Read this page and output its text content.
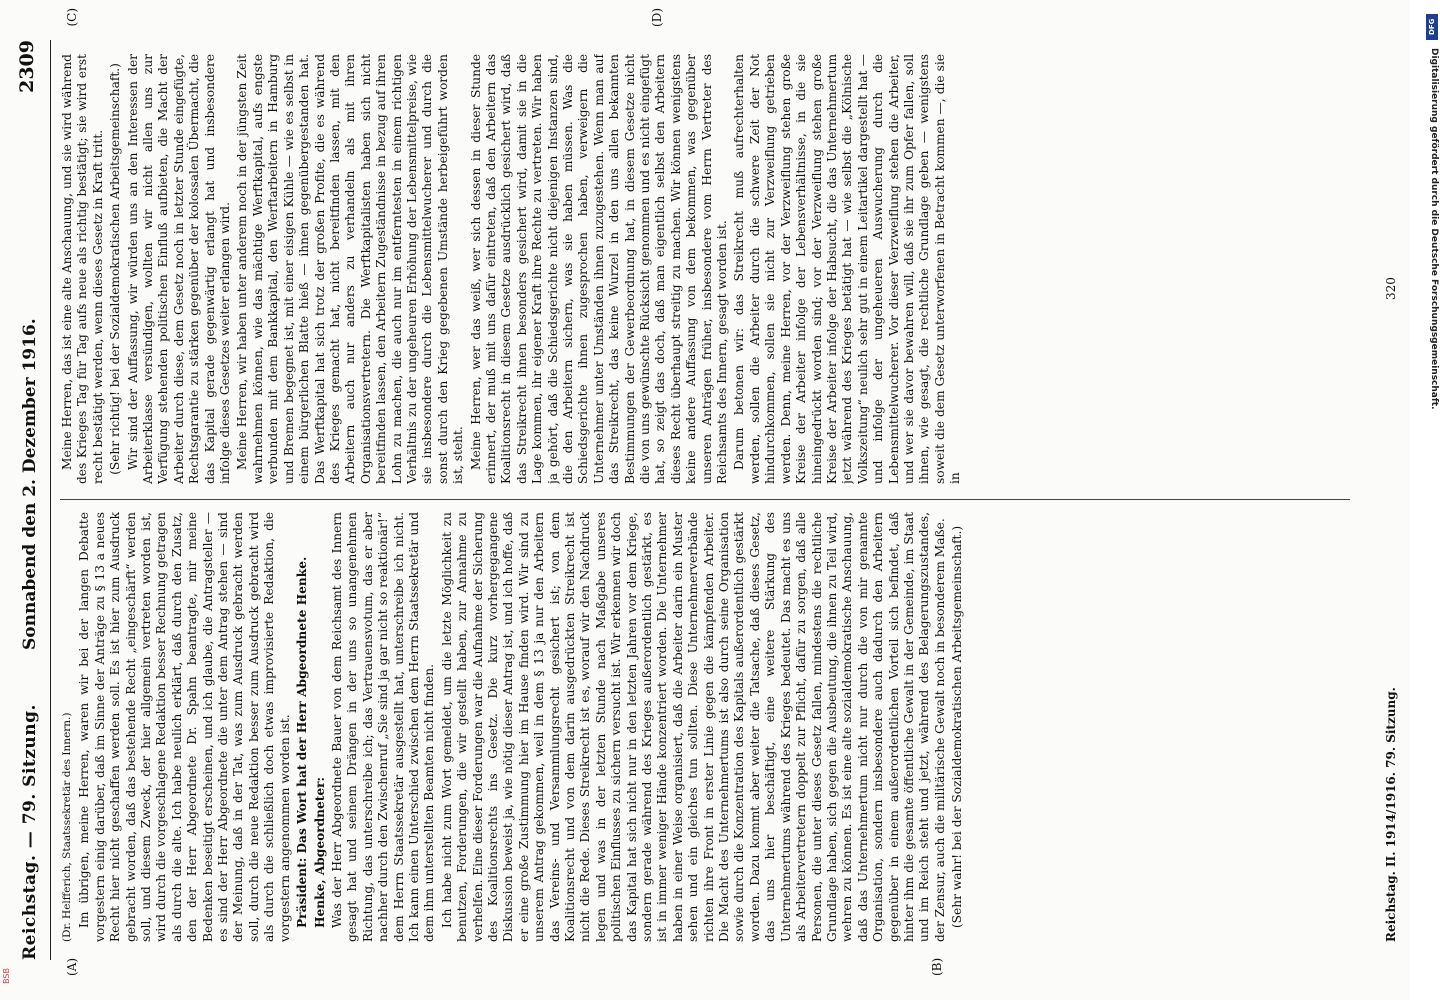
Reichstag. — 79. Sitzung.
Sonnabend den 2. Dezember 1916.
2309
(A)	(B)
(C)	(D)

(Dr. Helfferich, Staatssekretär des Innern.) Im übrigen, meine Herren, waren wir bei der langen Debatte vorgestern einig darüber, daß im Sinne der Anträge zu § 13 a neues Recht hier nicht geschaffen werden soll. Es ist hier zum Ausdruck gebracht worden, daß das bestehende Recht „eingeschärft“ werden soll, und diesem Zweck, der hier allgemein vertreten worden ist, wird durch die vorgeschlagene Redaktion besser Rechnung getragen als durch die alte. Ich habe neulich erklärt, daß durch den Zusatz, den der Herr Abgeordnete Dr. Spahn beantragte, mir meine Bedenken beseitigt erscheinen, und ich glaube, die Antragsteller — es sind der Herr Abgeordnete die unter dem Antrag stehen — sind der Meinung, daß in der Tat, was zum Ausdruck gebracht werden soll, durch die neue Redaktion besser zum Ausdruck gebracht wird als durch die schließlich doch etwas improvisierte Redaktion, die vorgestern angenommen worden ist. Präsident: Das Wort hat der Herr Abgeordnete Henke. Henke, Abgeordneter: Was der Herr Abgeordnete Bauer von dem Reichsamt des Innern gesagt hat und seinem Drängen in der uns so unangenehmen Richtung, das unterschreibe ich; das Vertrauensvotum, das er aber nachher durch den Zwischenruf „Sie sind ja gar nicht so reaktionär!“ dem Herrn Staatssekretär ausgestellt hat, unterschreibe ich nicht. Ich kann einen Unterschied zwischen dem Herrn Staatssekretär und dem ihm unterstellten Beamten nicht finden. Ich habe nicht zum Wort gemeldet, um die letzte Möglichkeit zu benutzen, Forderungen, die wir gestellt haben, zur Annahme zu verhelfen. Eine dieser Forderungen war die Aufnahme der Sicherung des Koalitionsrechts ins Gesetz. Die kurz vorhergegangene Diskussion beweist ja, wie nötig dieser Antrag ist, und ich hoffe, daß er eine große Zustimmung hier im Hause finden wird. Wir sind zu unserem Antrag gekommen, weil in dem § 13 ja nur den Arbeitern das Vereins- und Versammlungsrecht gesichert ist; von dem Koalitionsrecht und von dem darin ausgedrückten Streikrecht ist nicht die Rede. Dieses Streikrecht ist es, worauf wir den Nachdruck legen und was in der letzten Stunde nach Maßgabe unseres politischen Einflusses zu sichern versucht ist. Wir erkennen wir doch das Kapital hat sich nicht nur in den letzten Jahren vor dem Kriege, sondern gerade während des Krieges außerordentlich gestärkt, es ist in immer weniger Hände konzentriert worden. Die Unternehmer haben in einer Weise organisiert, daß die Arbeiter darin ein Muster sehen und ein gleiches tun sollten. Diese Unternehmerverbände richten ihre Front in erster Linie gegen die kämpfenden Arbeiter. Die Macht des Unternehmertums ist also durch seine Organisation sowie durch die Konzentration des Kapitals außerordentlich gestärkt worden. Dazu kommt aber weiter die Tatsache, daß dieses Gesetz, das uns hier beschäftigt, eine weitere Stärkung des Unternehmertums während des Krieges bedeutet. Das macht es uns als Arbeitervertretern doppelt zur Pflicht, dafür zu sorgen, daß alle Personen, die unter dieses Gesetz fallen, mindestens die rechtliche Grundlage haben, sich gegen die Ausbeutung, die ihnen zu Teil wird, wehren zu können. Es ist eine alte sozialdemokratische Anschauung, daß das Unternehmertum nicht nur durch die von mir genannte Organisation, sondern insbesondere auch dadurch den Arbeitern gegenüber in einem außerordentlichen Vorteil sich befindet, daß hinter ihm die gesamte öffentliche Gewalt in der Gemeinde, im Staat und im Reich steht und jetzt, während des Belagerungszustandes, der Zensur, auch die militärische Gewalt noch in besonderem Maße. (Sehr wahr! bei der Sozialdemokratischen Arbeitsgemeinschaft.)

Meine Herren, das ist eine alte Anschauung, und sie wird während des Krieges Tag für Tag aufs neue als richtig bestätigt; sie wird erst recht bestätigt werden, wenn dieses Gesetz in Kraft tritt. (Sehr richtig! bei der Sozialdemokratischen Arbeitsgemeinschaft.) Wir sind der Auffassung, wir würden uns an den Interessen der Arbeiterklasse versündigen, wollten wir nicht allen uns zur Verfügung stehenden politischen Einfluß aufbieten, die Macht der Arbeiter durch diese, dem Gesetz noch in letzter Stunde eingefügte, Rechtsgarantie zu stärken gegenüber der kolossalen Übermacht, die das Kapital gerade gegenwärtig erlangt hat und insbesondere infolge dieses Gesetzes weiter erlangen wird. Meine Herren, wir haben unter anderem noch in der jüngsten Zeit wahrnehmen können, wie das mächtige Werftkapital, aufs engste verbunden mit dem Bankkapital, den Werftarbeitern in Hamburg und Bremen begegnet ist, mit einer eisigen Kühle — wie es selbst in einem bürgerlichen Blatte hieß — ihnen gegenübergestanden hat. Das Werftkapital hat sich trotz der großen Profite, die es während des Krieges gemacht hat, nicht bereitfinden lassen, mit den Arbeitern auch nur anders zu verhandeln als mit ihren Organisationsvertretern. Die Werftkapitalisten haben sich nicht bereitfinden lassen, den Arbeitern Zugeständnisse in bezug auf ihren Lohn zu machen, die auch nur im entferntesten in einem richtigen Verhältnis zu der ungeheuren Erhöhung der Lebensmittelpreise, wie sie insbesondere durch die Lebensmittelwucherer und durch die sonst durch den Krieg gegebenen Umstände herbeigeführt worden ist, steht. Meine Herren, wer das weiß, wer sich dessen in dieser Stunde erinnert, der muß mit uns dafür eintreten, daß den Arbeitern das Koalitionsrecht in diesem Gesetze ausdrücklich gesichert wird, daß das Streikrecht ihnen besonders gesichert wird, damit sie in die Lage kommen, ihr eigener Kraft ihre Rechte zu vertreten. Wir haben ja gehört, daß die Schiedsgerichte nicht diejenigen Instanzen sind, die den Arbeitern sichern, was sie haben müssen. Was die Schiedsgerichte ihnen zugesprochen haben, verweigern die Unternehmer unter Umständen ihnen zuzugestehen. Wenn man auf das Streikrecht, das keine Wurzel in den uns allen bekannten Bestimmungen der Gewerbeordnung hat, in diesem Gesetze nicht die von uns gewünschte Rücksicht genommen und es nicht eingefügt hat, so zeigt das doch, daß man eigentlich selbst den Arbeitern dieses Recht überhaupt streitig zu machen. Wir können wenigstens keine andere Auffassung von dem bekommen, was gegenüber unseren Anträgen früher, insbesondere vom Herrn Vertreter des Reichsamts des Innern, gesagt worden ist. Darum betonen wir: das Streikrecht muß aufrechterhalten werden, sollen die Arbeiter durch die schwere Zeit der Not hindurchkommen, sollen sie nicht zur Verzweiflung getrieben werden. Denn, meine Herren, vor der Verzweiflung stehen große Kreise der Arbeiter infolge der Lebensverhältnisse, in die sie hineingedrückt worden sind; vor der Verzweiflung stehen große Kreise der Arbeiter infolge der Habsucht, die das Unternehmertum jetzt während des Krieges betätigt hat — wie selbst die „Kölnische Volkszeitung“ neulich sehr gut in einem Leitartikel dargestellt hat — und infolge der ungeheueren Auswucherung durch die Lebensmittelwucherer. Vor dieser Verzweiflung stehen die Arbeiter, und wer sie davor bewahren will, daß sie ihr zum Opfer fallen, soll ihnen, wie gesagt, die rechtliche Grundlage geben — wenigstens soweit die dem Gesetz unterworfenen in Betracht kommen —, die sie in

Reichstag. II. 1914/1916. 79. Sitzung.
320
DFG
Digitalisierung gefördert durch die Deutsche Forschungsgemeinschaft.
BSB
